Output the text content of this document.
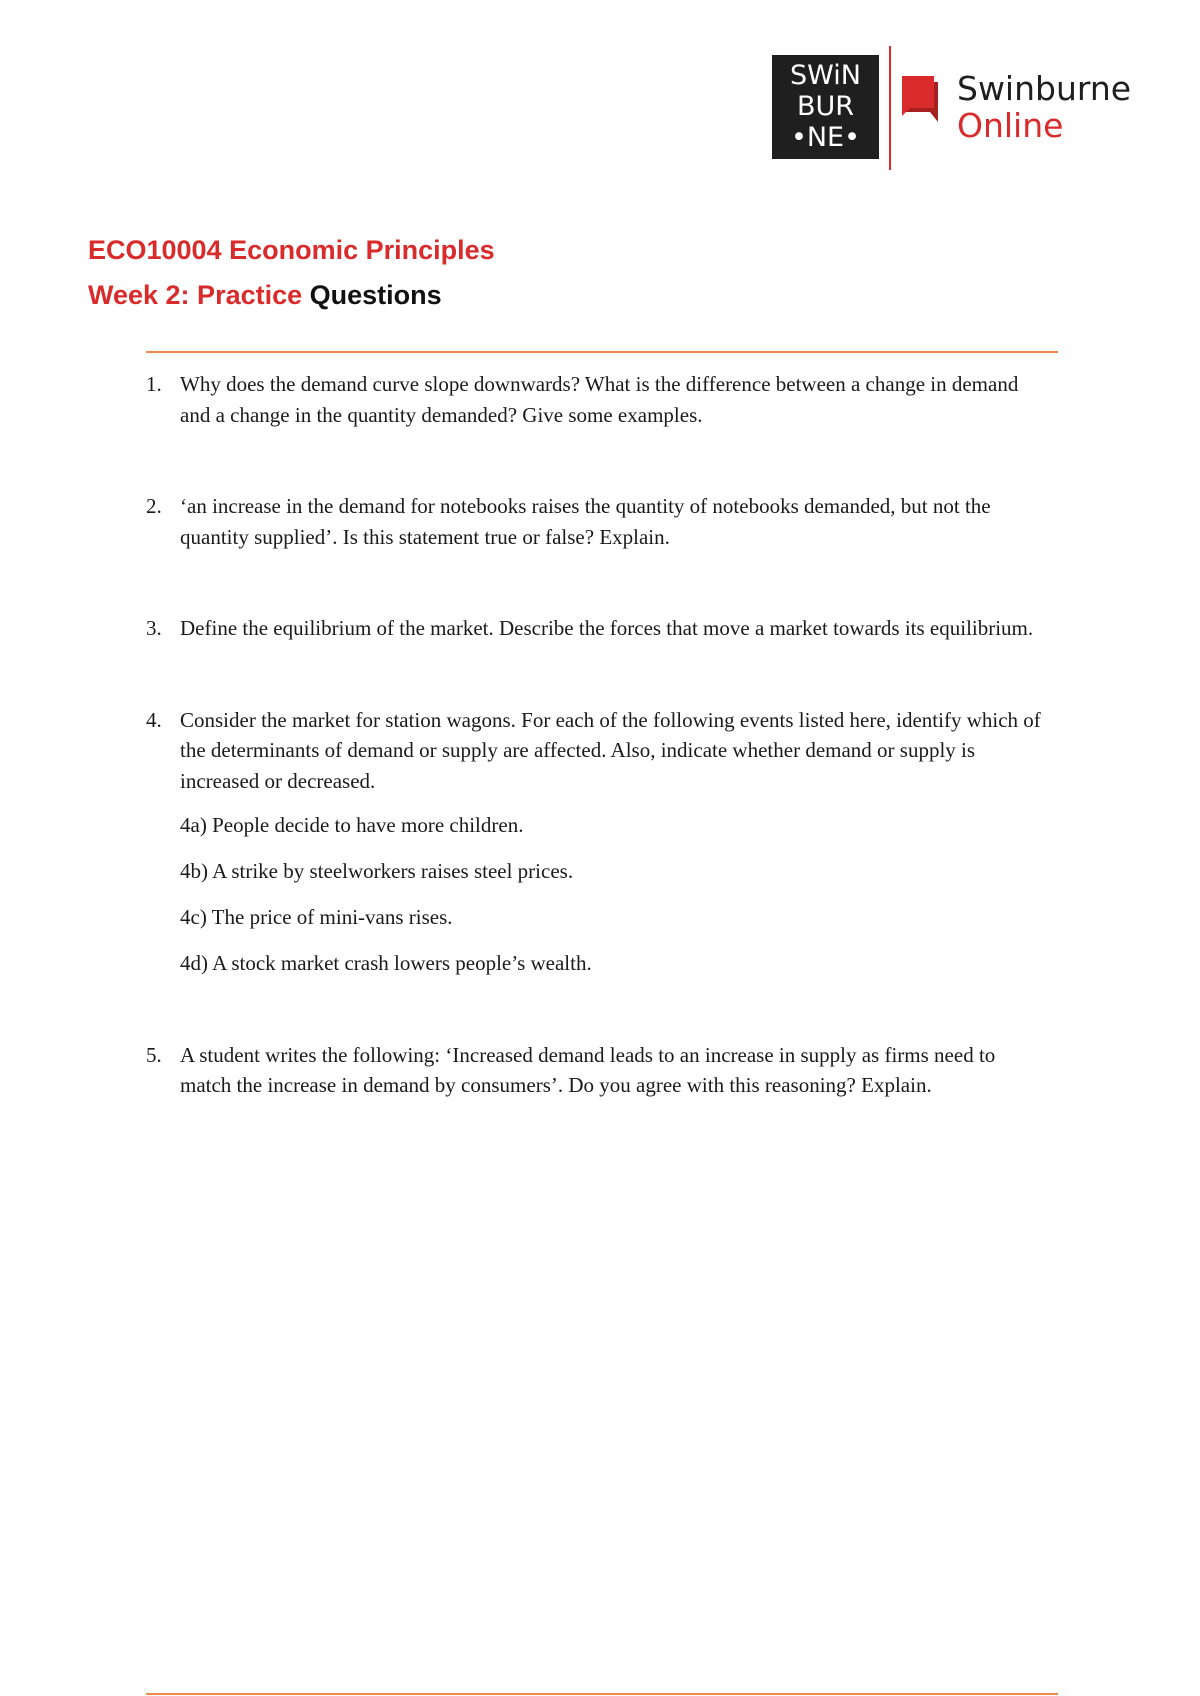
SWiN
BUR
•NE•
Swinburne
Online
ECO10004 Economic Principles
Week 2: Practice Questions
1. Why does the demand curve slope downwards? What is the difference between a change in demand and a change in the quantity demanded? Give some examples.
2. ‘an increase in the demand for notebooks raises the quantity of notebooks demanded, but not the quantity supplied’. Is this statement true or false? Explain.
3. Define the equilibrium of the market. Describe the forces that move a market towards its equilibrium.
4. Consider the market for station wagons. For each of the following events listed here, identify which of the determinants of demand or supply are affected. Also, indicate whether demand or supply is increased or decreased.
4a) People decide to have more children.
4b) A strike by steelworkers raises steel prices.
4c) The price of mini-vans rises.
4d) A stock market crash lowers people’s wealth.
5. A student writes the following: ‘Increased demand leads to an increase in supply as firms need to match the increase in demand by consumers’. Do you agree with this reasoning? Explain.
